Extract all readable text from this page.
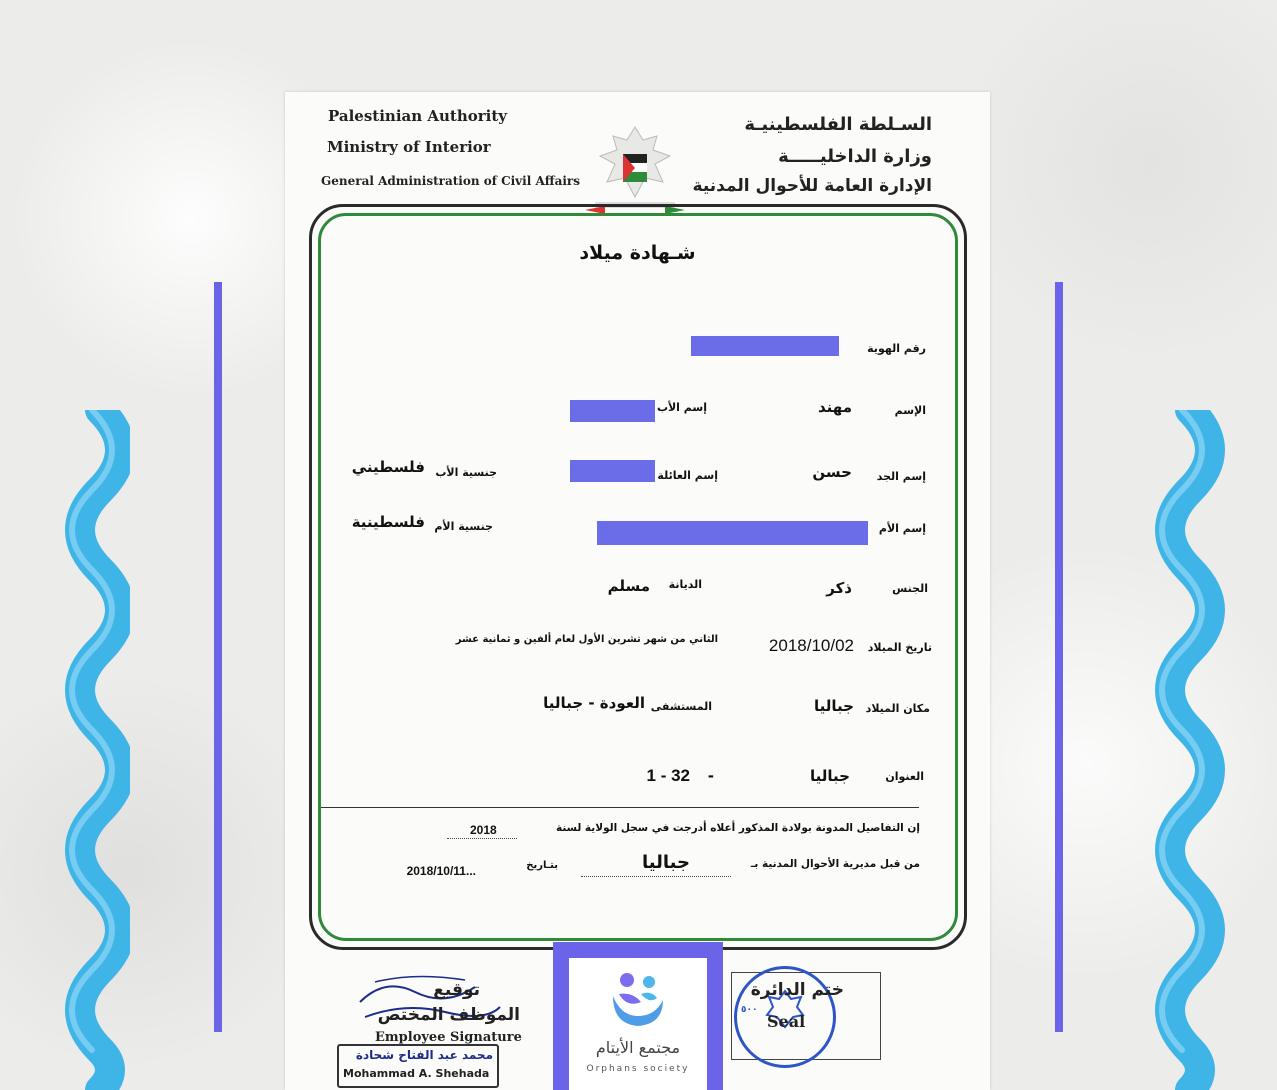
Palestinian Authority
Ministry of Interior
General Administration of Civil Affairs
السـلطة الفلسطينيـة
وزارة الداخليـــــة
الإدارة العامة للأحوال المدنية
شـهادة ميلاد
رقم الهوية
الإسم
مهند
إسم الأب
إسم الجد
حسن
إسم العائلة
جنسية الأب
فلسطيني
إسم الأم
جنسية الأم
فلسطينية
الجنس
ذكر
الديانة
مسلم
تاريخ الميلاد
2018/10/02
الثاني من شهر تشرين الأول لعام ألفين و ثمانية عشر
مكان الميلاد
جباليا
المستشفى
العودة - جباليا
العنوان
جباليا
-
1 - 32
إن التفاصيل المدونة بولادة المذكور أعلاه أدرجت في سجل الولاية لسنة
2018
من قبل مديرية الأحوال المدنية بـ
جباليا
بتـاريخ
...2018/10/11
توقيع
الموظف المختص
Employee Signature
محمد عبد الفتاح شحادة
Mohammad A. Shehada
٥٠٠
ختم الدائرة
Seal
مجتمع الأيتام
Orphans society
